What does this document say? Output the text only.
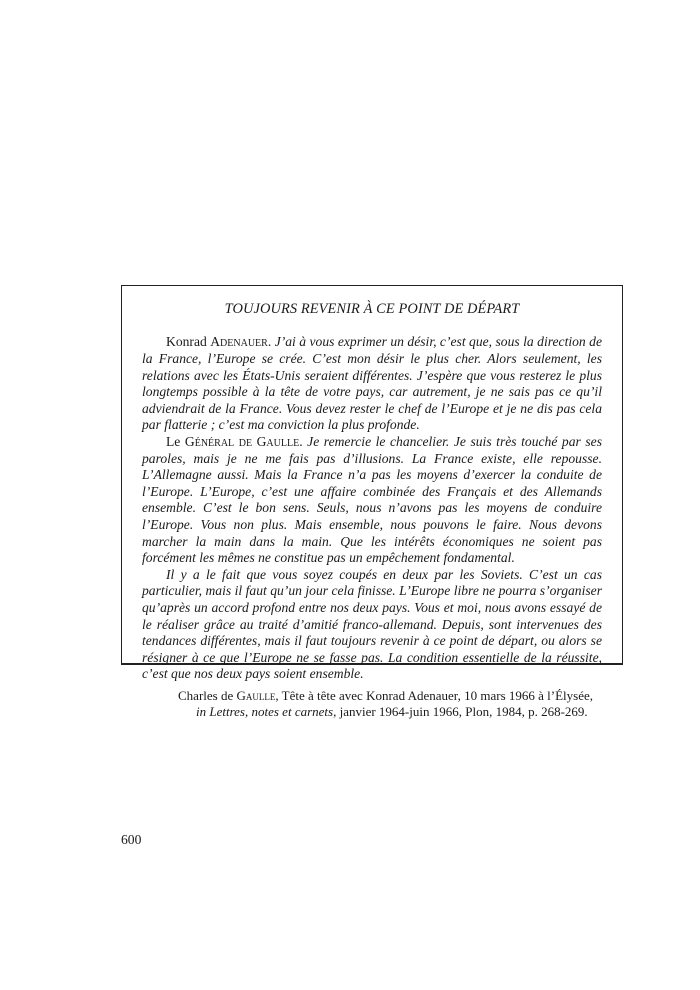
TOUJOURS REVENIR À CE POINT DE DÉPART

Konrad Adenauer. J’ai à vous exprimer un désir, c’est que, sous la direction de la France, l’Europe se crée. C’est mon désir le plus cher. Alors seulement, les relations avec les États-Unis seraient différentes. J’espère que vous resterez le plus longtemps possible à la tête de votre pays, car autrement, je ne sais pas ce qu’il adviendrait de la France. Vous devez rester le chef de l’Europe et je ne dis pas cela par flatterie ; c’est ma conviction la plus profonde.

Le Général de Gaulle. Je remercie le chancelier. Je suis très touché par ses paroles, mais je ne me fais pas d’illusions. La France existe, elle repousse. L’Allemagne aussi. Mais la France n’a pas les moyens d’exercer la conduite de l’Europe. L’Europe, c’est une affaire combinée des Français et des Allemands ensemble. C’est le bon sens. Seuls, nous n’avons pas les moyens de conduire l’Europe. Vous non plus. Mais ensemble, nous pouvons le faire. Nous devons marcher la main dans la main. Que les intérêts économiques ne soient pas forcément les mêmes ne constitue pas un empêchement fondamental.

Il y a le fait que vous soyez coupés en deux par les Soviets. C’est un cas particulier, mais il faut qu’un jour cela finisse. L’Europe libre ne pourra s’organiser qu’après un accord profond entre nos deux pays. Vous et moi, nous avons essayé de le réaliser grâce au traité d’amitié franco-allemand. Depuis, sont intervenues des tendances différentes, mais il faut toujours revenir à ce point de départ, ou alors se résigner à ce que l’Europe ne se fasse pas. La condition essentielle de la réussite, c’est que nos deux pays soient ensemble.

Charles de Gaulle, Tête à tête avec Konrad Adenauer, 10 mars 1966 à l’Élysée,
in Lettres, notes et carnets, janvier 1964-juin 1966, Plon, 1984, p. 268-269.
600
